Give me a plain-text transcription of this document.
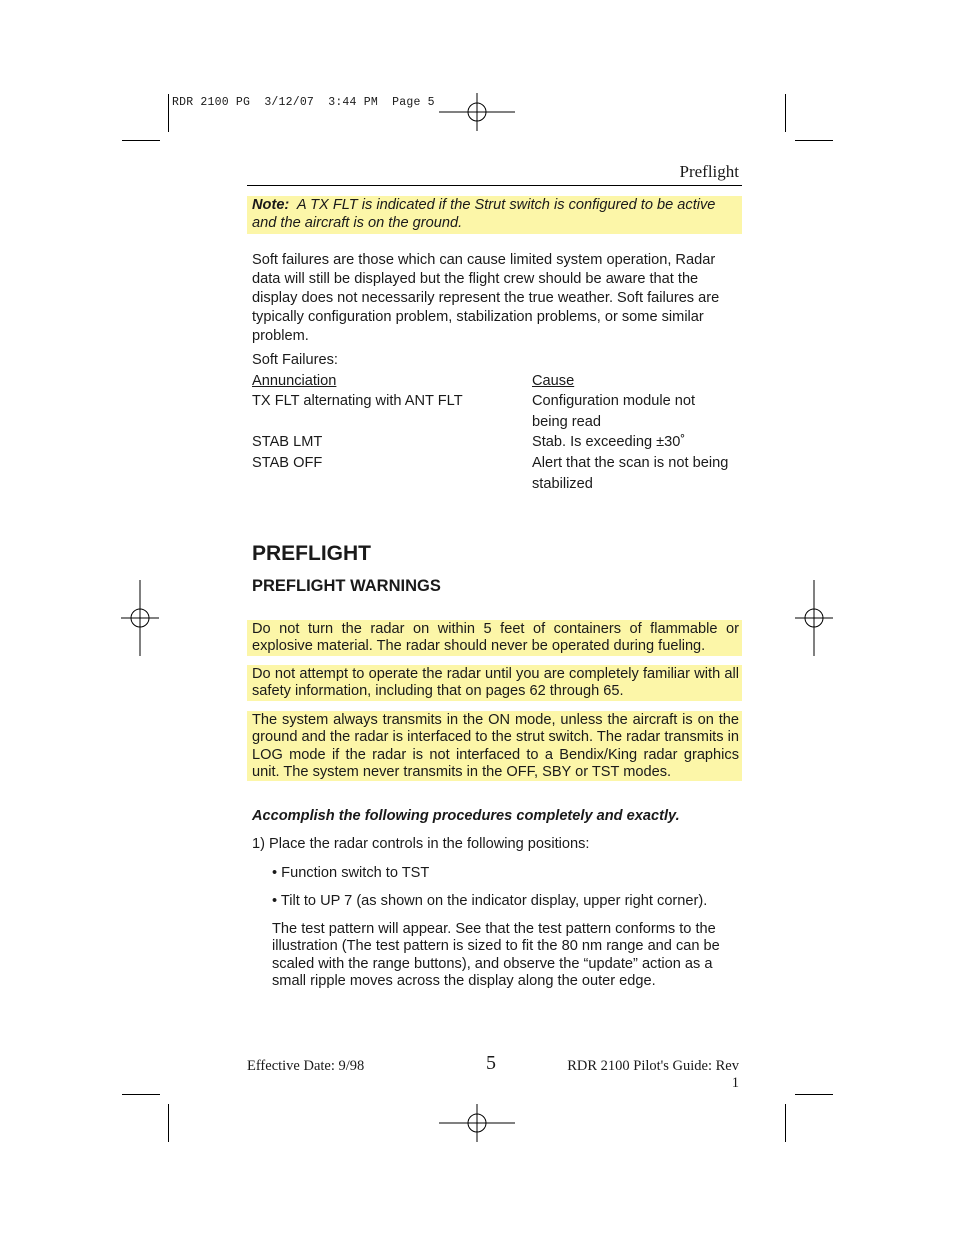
RDR 2100 PG  3/12/07  3:44 PM  Page 5
Preflight
Note: A TX FLT is indicated if the Strut switch is configured to be active and the aircraft is on the ground.
Soft failures are those which can cause limited system operation, Radar data will still be displayed but the flight crew should be aware that the display does not necessarily represent the true weather. Soft failures are typically configuration problem, stabilization problems, or some similar problem.
Soft Failures:
Annunciation	Cause
TX FLT alternating with ANT FLT	Configuration module not
being read
STAB LMT	Stab. Is exceeding ±30˚
STAB OFF	Alert that the scan is not being
stabilized
PREFLIGHT
PREFLIGHT WARNINGS
Do not turn the radar on within 5 feet of containers of flammable or explosive material. The radar should never be operated during fueling.
Do not attempt to operate the radar until you are completely familiar with all safety information, including that on pages 62 through 65.
The system always transmits in the ON mode, unless the aircraft is on the ground and the radar is interfaced to the strut switch. The radar transmits in LOG mode if the radar is not interfaced to a Bendix/King radar graphics unit. The system never transmits in the OFF, SBY or TST modes.
Accomplish the following procedures completely and exactly.
1) Place the radar controls in the following positions:
• Function switch to TST
• Tilt to UP 7 (as shown on the indicator display, upper right corner).
The test pattern will appear. See that the test pattern conforms to the illustration (The test pattern is sized to fit the 80 nm range and can be scaled with the range buttons), and observe the “update” action as a small ripple moves across the display along the outer edge.
Effective Date: 9/98	5	RDR 2100 Pilot's Guide: Rev 1
